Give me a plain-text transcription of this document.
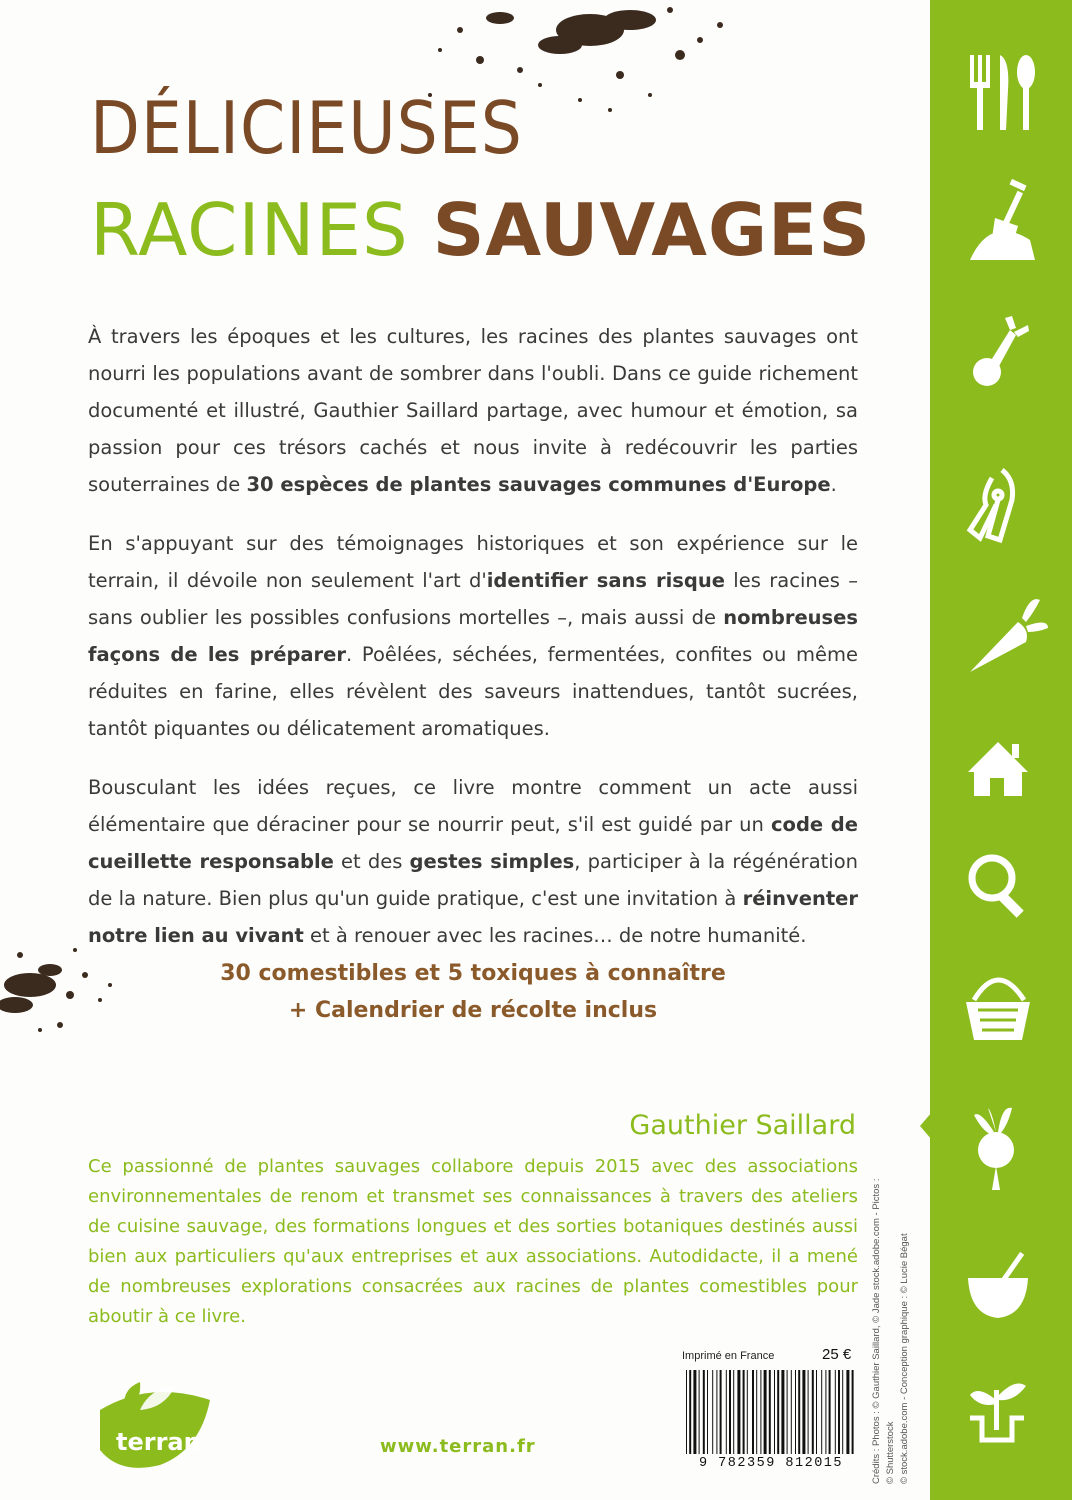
DÉLICIEUSES
RACINES SAUVAGES

À travers les époques et les cultures, les racines des plantes sauvages ont nourri les populations avant de sombrer dans l'oubli. Dans ce guide richement documenté et illustré, Gauthier Saillard partage, avec humour et émotion, sa passion pour ces trésors cachés et nous invite à redécouvrir les parties souterraines de 30 espèces de plantes sauvages communes d'Europe.

En s'appuyant sur des témoignages historiques et son expérience sur le terrain, il dévoile non seulement l'art d'identifier sans risque les racines – sans oublier les possibles confusions mortelles –, mais aussi de nombreuses façons de les préparer. Poêlées, séchées, fermentées, confites ou même réduites en farine, elles révèlent des saveurs inattendues, tantôt sucrées, tantôt piquantes ou délicatement aromatiques.

Bousculant les idées reçues, ce livre montre comment un acte aussi élémentaire que déraciner pour se nourrir peut, s'il est guidé par un code de cueillette responsable et des gestes simples, participer à la régénération de la nature. Bien plus qu'un guide pratique, c'est une invitation à réinventer notre lien au vivant et à renouer avec les racines… de notre humanité.

30 comestibles et 5 toxiques à connaître
+ Calendrier de récolte inclus
Gauthier Saillard
Ce passionné de plantes sauvages collabore depuis 2015 avec des associations environnementales de renom et transmet ses connaissances à travers des ateliers de cuisine sauvage, des formations longues et des sorties botaniques destinés aussi bien aux particuliers qu'aux entreprises et aux associations. Autodidacte, il a mené de nombreuses explorations consacrées aux racines de plantes comestibles pour aboutir à ce livre.
terran	www.terran.fr
Imprimé en France	25 €
9 782359 812015	Crédits : Photos : © Gauthier Saillard, © Jade stock.adobe.com - Pictos : © Shutterstock © stock.adobe.com - Conception graphique : © Lucie Bégat
